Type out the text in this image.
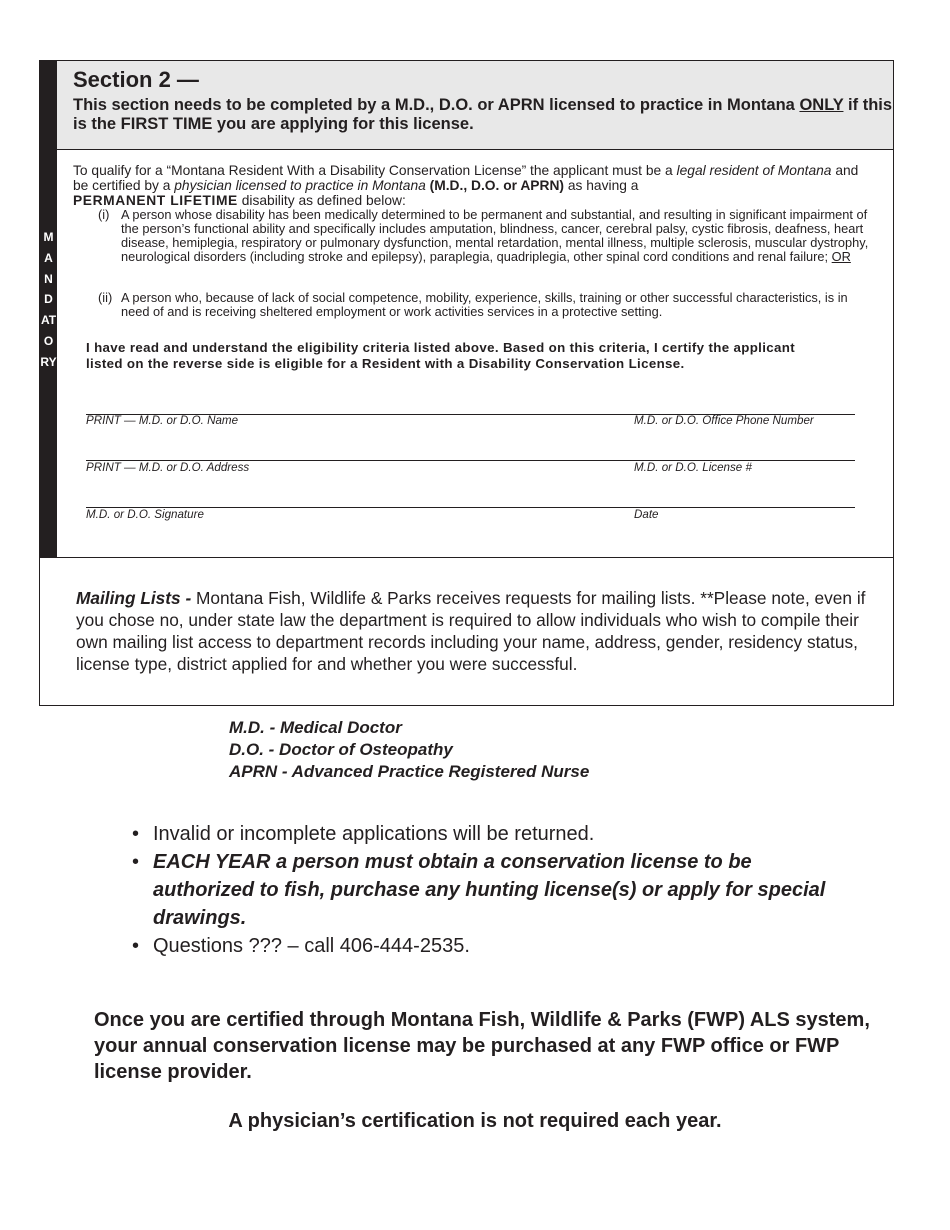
MANDATORY
Section 2 —

This section needs to be completed by a M.D., D.O. or APRN licensed to practice in Montana ONLY if this is the FIRST TIME you are applying for this license.

To qualify for a “Montana Resident With a Disability Conservation License” the applicant must be a legal resident of Montana and be certified by a physician licensed to practice in Montana (M.D., D.O. or APRN) as having a
PERMANENT LIFETIME disability as defined below:

(i) A person whose disability has been medically determined to be permanent and substantial, and resulting in significant impairment of the person’s functional ability and specifically includes amputation, blindness, cancer, cerebral palsy, cystic fibrosis, deafness, heart disease, hemiplegia, respiratory or pulmonary dysfunction, mental retardation, mental illness, multiple sclerosis, muscular dystrophy, neurological disorders (including stroke and epilepsy), paraplegia, quadriplegia, other spinal cord conditions and renal failure; OR

(ii) A person who, because of lack of social competence, mobility, experience, skills, training or other successful characteristics, is in need of and is receiving sheltered employment or work activities services in a protective setting.

I have read and understand the eligibility criteria listed above. Based on this criteria, I certify the applicant listed on the reverse side is eligible for a Resident with a Disability Conservation License.

PRINT — M.D. or D.O. Name	M.D. or D.O. Office Phone Number

PRINT — M.D. or D.O. Address	M.D. or D.O. License #

M.D. or D.O. Signature	Date

Mailing Lists - Montana Fish, Wildlife & Parks receives requests for mailing lists. **Please note, even if you chose no, under state law the department is required to allow individuals who wish to compile their own mailing list access to department records including your name, address, gender, residency status, license type, district applied for and whether you were successful.

M.D. - Medical Doctor
D.O. - Doctor of Osteopathy
APRN - Advanced Practice Registered Nurse
• Invalid or incomplete applications will be returned.
• EACH YEAR a person must obtain a conservation license to be authorized to fish, purchase any hunting license(s) or apply for special drawings.
• Questions ??? – call 406-444-2535.

Once you are certified through Montana Fish, Wildlife & Parks (FWP) ALS system, your annual conservation license may be purchased at any FWP office or FWP license provider.

A physician’s certification is not required each year.
